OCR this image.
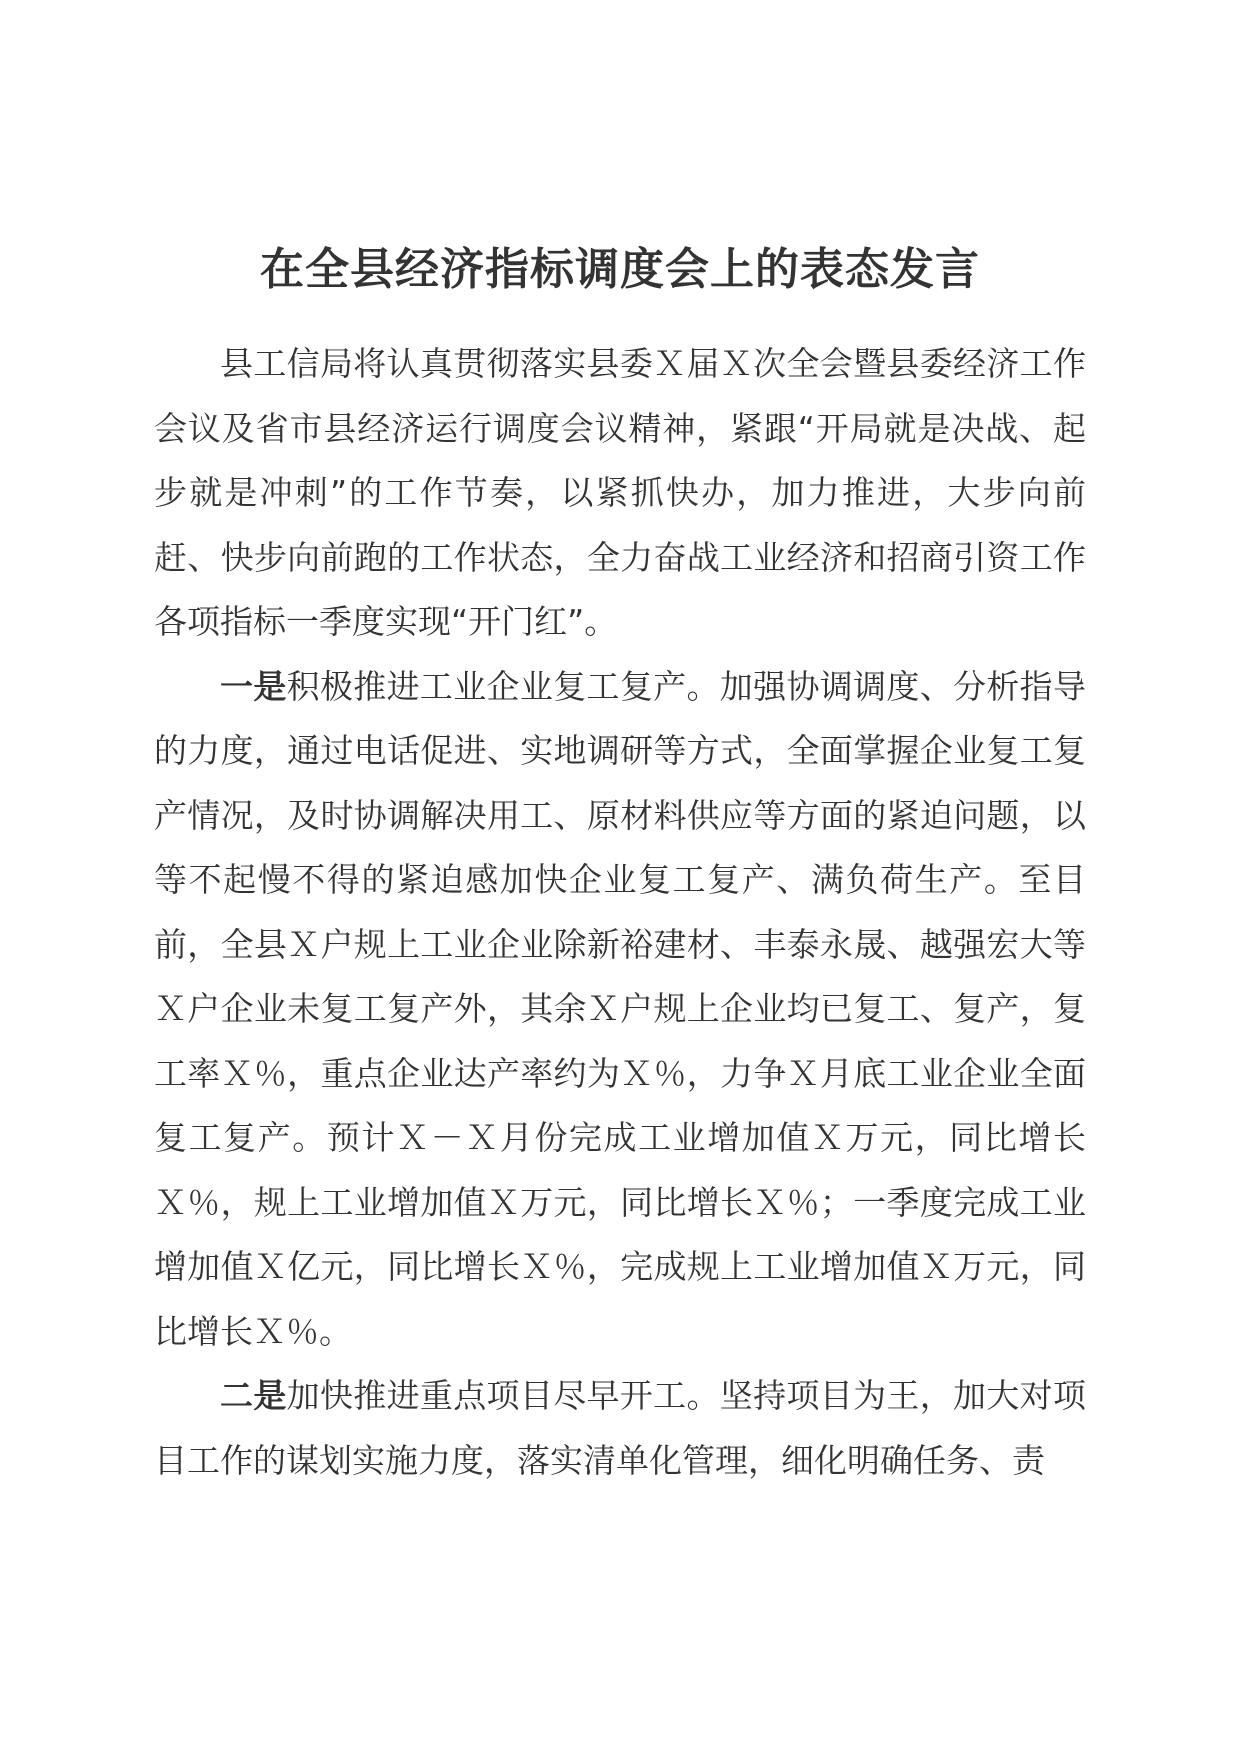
在全县经济指标调度会上的表态发言

县工信局将认真贯彻落实县委Ｘ届Ｘ次全会暨县委经济工作会议及省市县经济运行调度会议精神，紧跟“开局就是决战、起步就是冲刺”的工作节奏，以紧抓快办，加力推进，大步向前赶、快步向前跑的工作状态，全力奋战工业经济和招商引资工作各项指标一季度实现“开门红”。

一是积极推进工业企业复工复产。加强协调调度、分析指导的力度，通过电话促进、实地调研等方式，全面掌握企业复工复产情况，及时协调解决用工、原材料供应等方面的紧迫问题，以等不起慢不得的紧迫感加快企业复工复产、满负荷生产。至目前，全县Ｘ户规上工业企业除新裕建材、丰泰永晟、越强宏大等Ｘ户企业未复工复产外，其余Ｘ户规上企业均已复工、复产，复工率Ｘ％，重点企业达产率约为Ｘ％，力争Ｘ月底工业企业全面复工复产。预计Ｘ－Ｘ月份完成工业增加值Ｘ万元，同比增长Ｘ％，规上工业增加值Ｘ万元，同比增长Ｘ％；一季度完成工业增加值Ｘ亿元，同比增长Ｘ％，完成规上工业增加值Ｘ万元，同比增长Ｘ％。

二是加快推进重点项目尽早开工。坚持项目为王，加大对项目工作的谋划实施力度，落实清单化管理，细化明确任务、责
